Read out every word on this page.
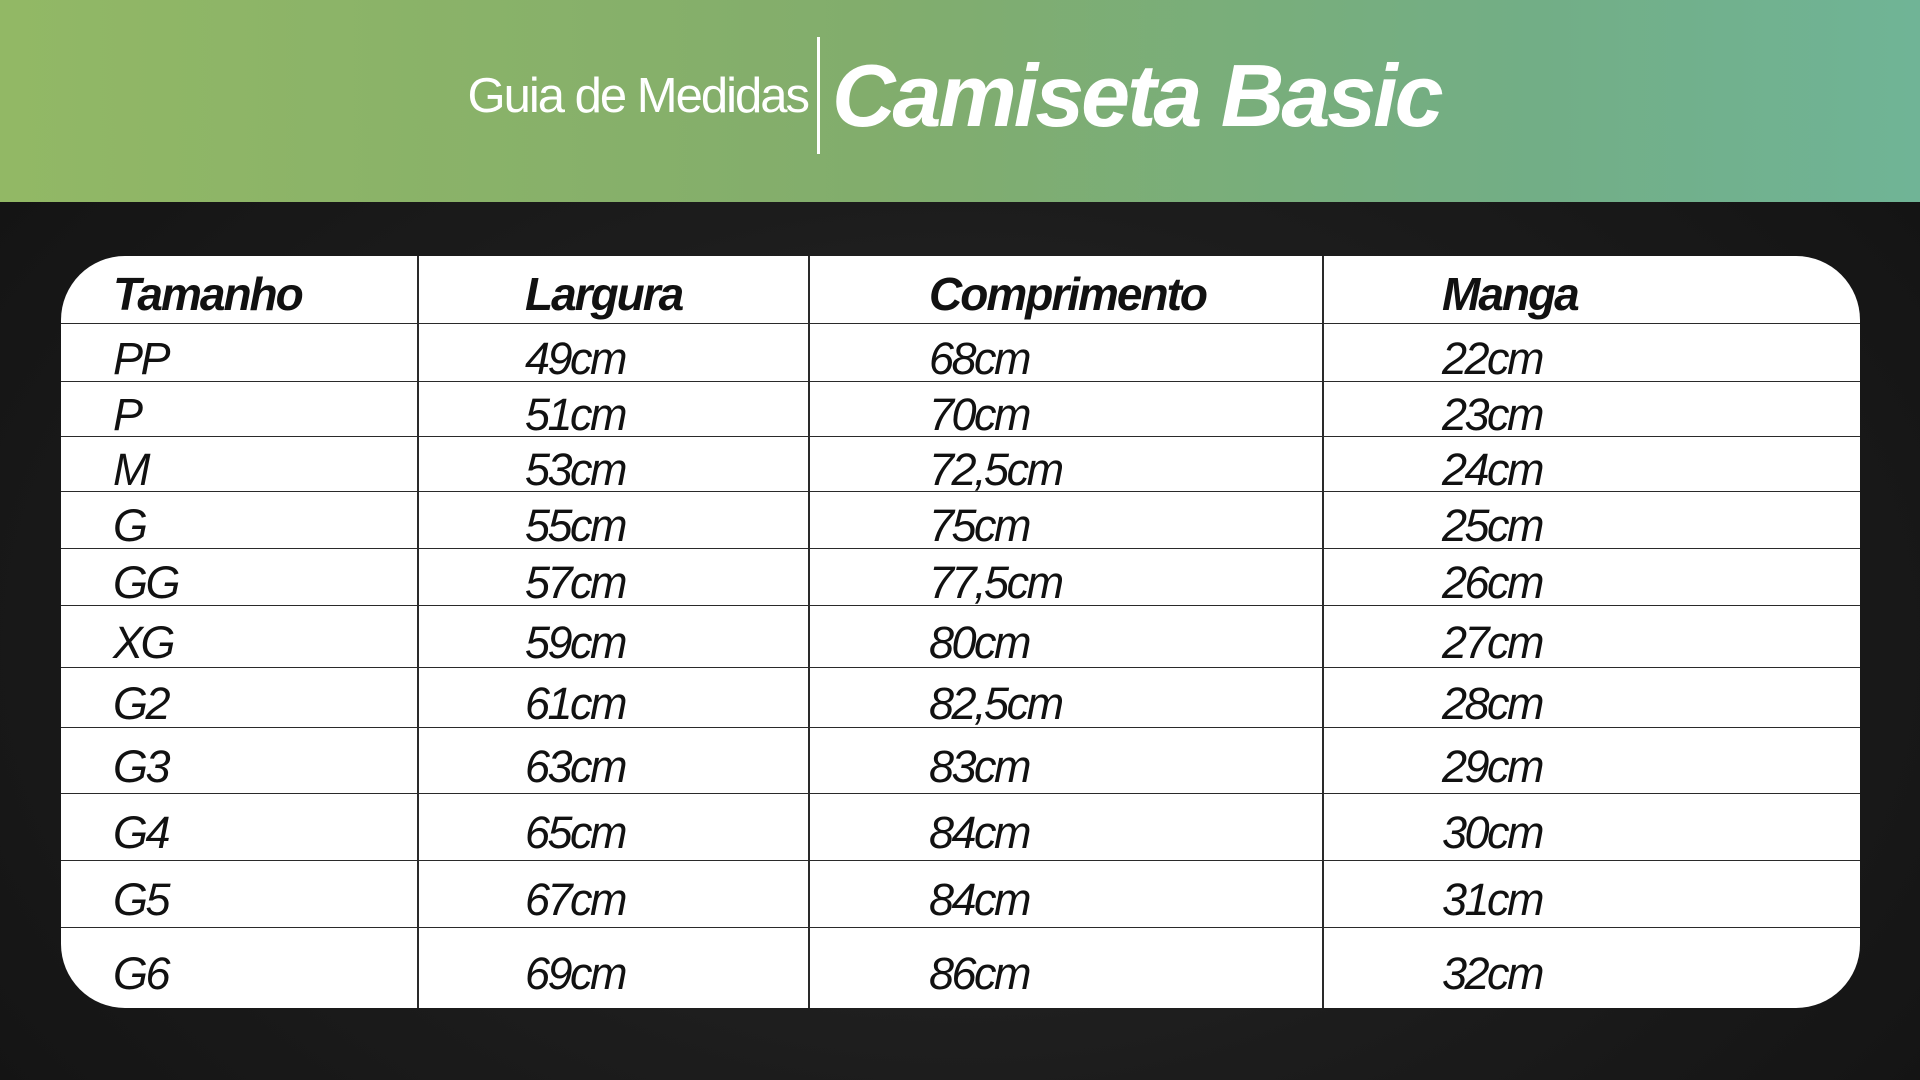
Guia de Medidas Camiseta Basic
Tamanho	Largura	Comprimento	Manga
PP	49cm	68cm	22cm
P	51cm	70cm	23cm
M	53cm	72,5cm	24cm
G	55cm	75cm	25cm
GG	57cm	77,5cm	26cm
XG	59cm	80cm	27cm
G2	61cm	82,5cm	28cm
G3	63cm	83cm	29cm
G4	65cm	84cm	30cm
G5	67cm	84cm	31cm
G6	69cm	86cm	32cm
